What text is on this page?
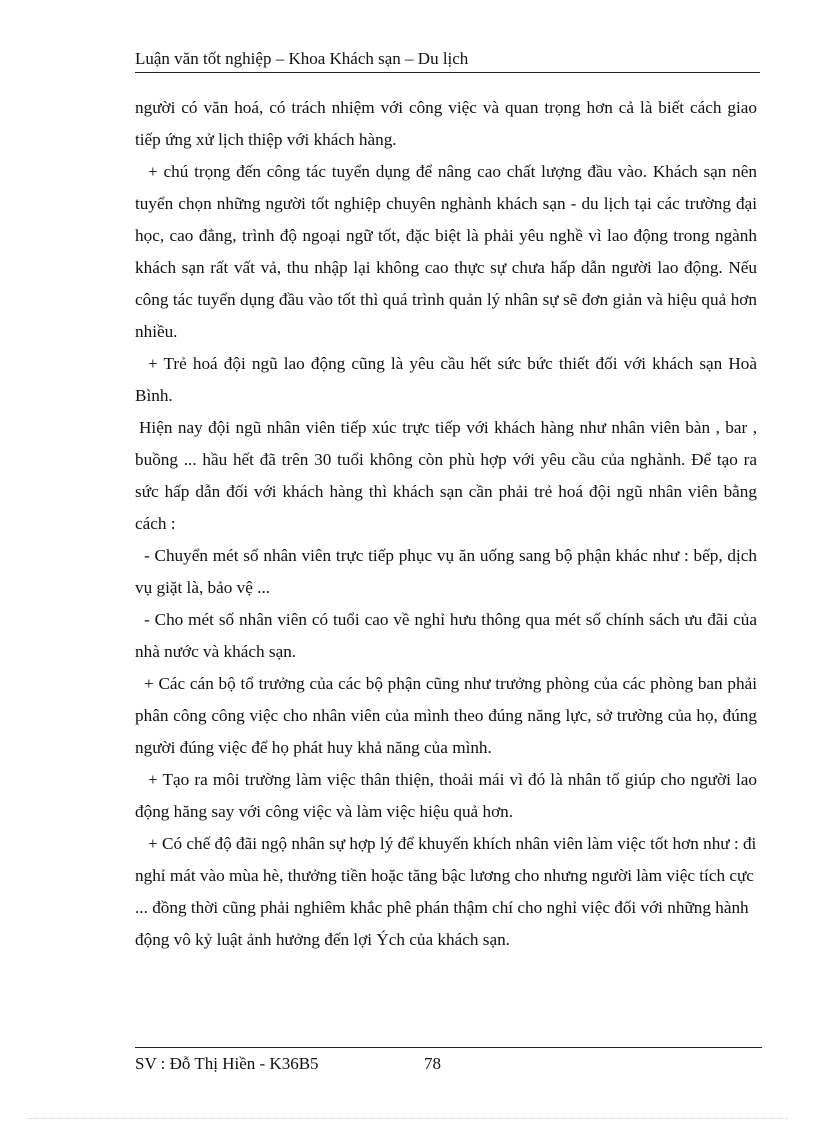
Luận văn tốt nghiệp – Khoa Khách sạn – Du lịch

người có văn hoá, có trách nhiệm với công việc và quan trọng hơn cả là biết cách giao tiếp ứng xử lịch thiệp với khách hàng.

+ chú trọng đến công tác tuyển dụng để nâng cao chất lượng đầu vào. Khách sạn nên tuyển chọn những người tốt nghiệp chuyên nghành khách sạn - du lịch tại các trường đại học, cao đẳng, trình độ ngoại ngữ tốt, đặc biệt là phải yêu nghề vì lao động trong ngành khách sạn rất vất vả, thu nhập lại không cao thực sự chưa hấp dẫn người lao động. Nếu công tác tuyển dụng đầu vào tốt thì quá trình quản lý nhân sự sẽ đơn giản và hiệu quả hơn nhiều.

+ Trẻ hoá đội ngũ lao động cũng là yêu cầu hết sức bức thiết đối với khách sạn Hoà Bình.

Hiện nay đội ngũ nhân viên tiếp xúc trực tiếp với khách hàng như nhân viên bàn , bar , buồng ... hầu hết đã trên 30 tuổi không còn phù hợp với yêu cầu của nghành. Để tạo ra sức hấp dẫn đối với khách hàng thì khách sạn cần phải trẻ hoá đội ngũ nhân viên bằng cách :

- Chuyển mét số nhân viên trực tiếp phục vụ ăn uống sang bộ phận khác như : bếp, dịch vụ giặt là, bảo vệ ...

- Cho mét số nhân viên có tuổi cao về nghỉ hưu thông qua mét số chính sách ưu đãi của nhà nước và khách sạn.

+ Các cán bộ tổ trưởng của các bộ phận cũng như trưởng phòng của các phòng ban phải phân công công việc cho nhân viên của mình theo đúng năng lực, sở trường của họ, đúng người đúng việc để họ phát huy khả năng của mình.

+ Tạo ra môi trường làm việc thân thiện, thoải mái vì đó là nhân tố giúp cho người lao động hăng say với công việc và làm việc hiệu quả hơn.

+ Có chế độ đãi ngộ nhân sự hợp lý để khuyến khích nhân viên làm việc tốt hơn như : đi nghỉ mát vào mùa hè, thưởng tiền hoặc tăng bậc lương cho nhưng người làm việc tích cực ... đồng thời cũng phải nghiêm khắc phê phán thậm chí cho nghỉ việc đối với những hành động vô kỷ luật ảnh hưởng đến lợi Ých của khách sạn.

SV : Đỗ Thị Hiền - K36B5	78
